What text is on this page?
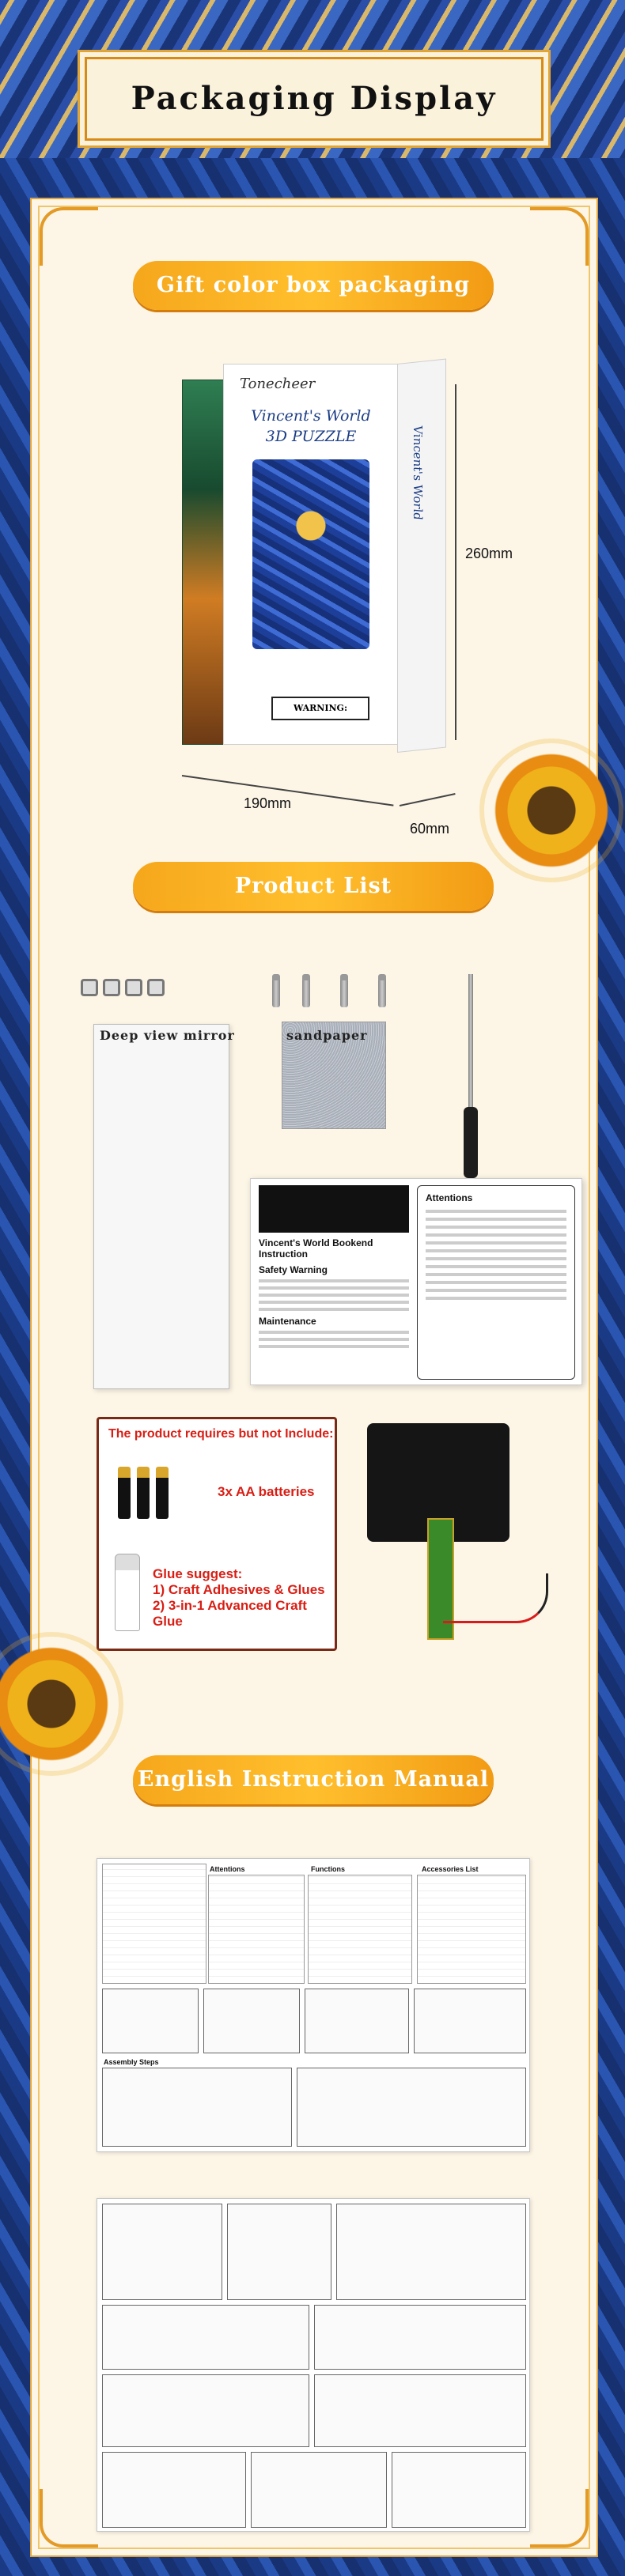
Packaging Display
Gift color box packaging
Tonecheer
Vincent's World
3D PUZZLE
WARNING:
Vincent's World
260mm
190mm
60mm
Product List
Deep view mirror	sandpaper
Vincent's World Bookend Instruction
Safety Warning
Maintenance
Attentions
The product requires but not Include:
3x AA batteries
Glue suggest:
1) Craft Adhesives & Glues
2) 3-in-1 Advanced Craft Glue
English Instruction Manual
Attentions	Functions	Accessories List
Assembly Steps
